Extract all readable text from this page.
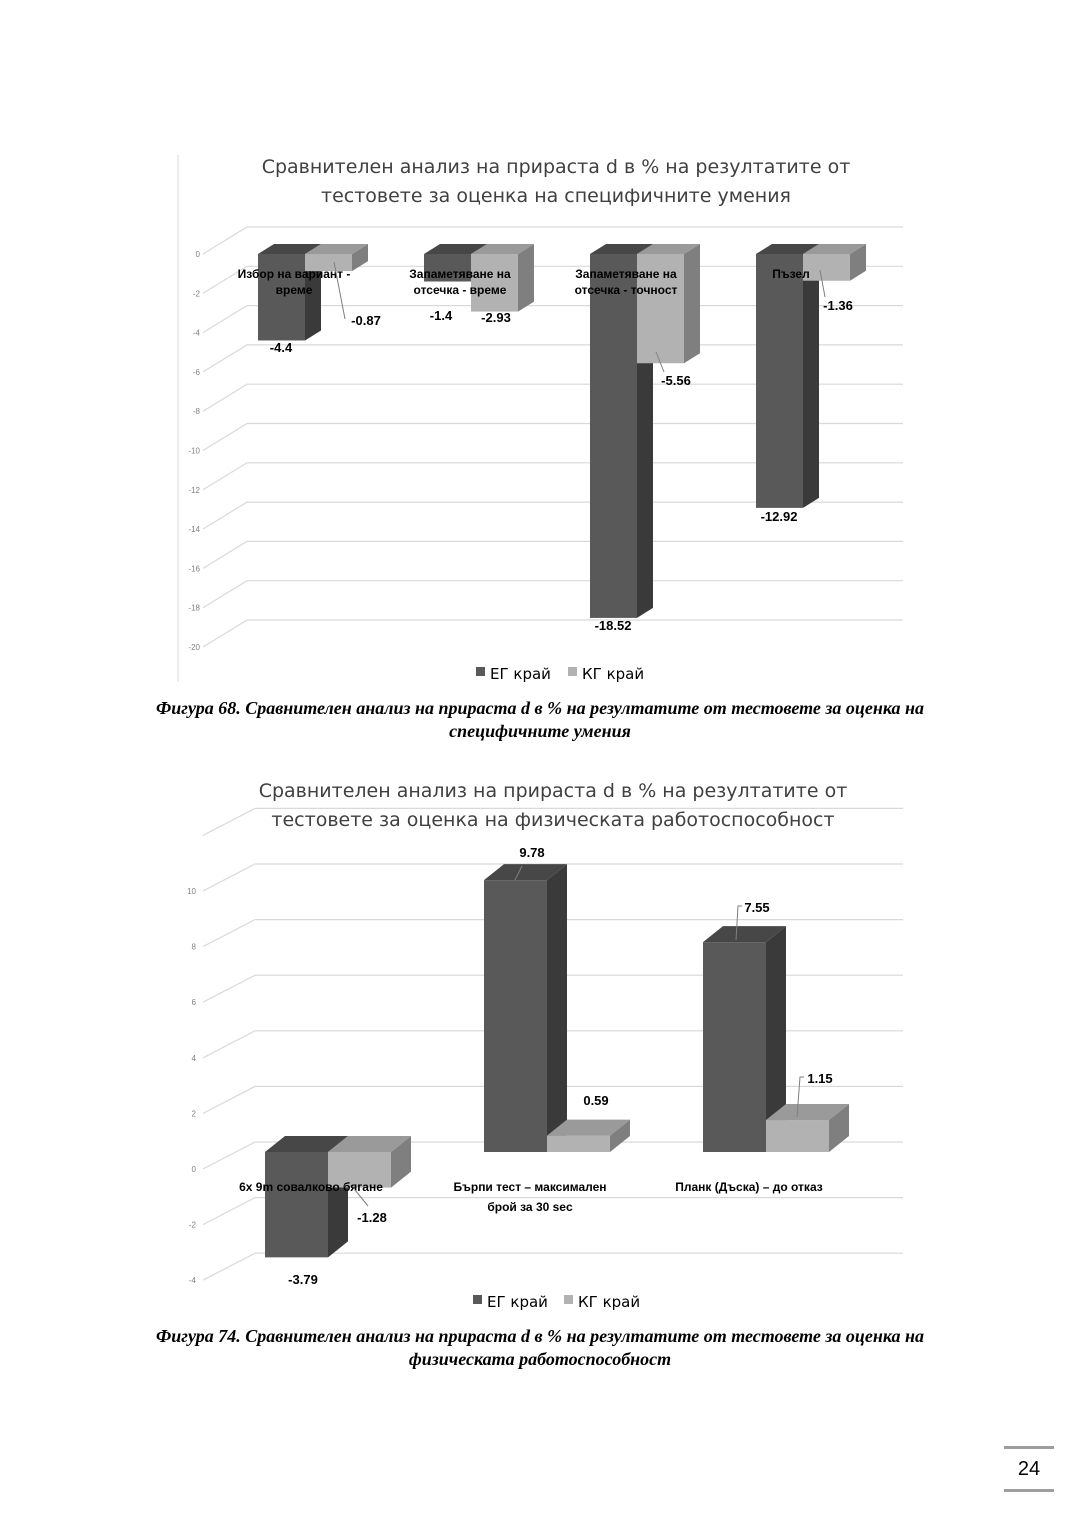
Сравнителен анализ на прираста d в % на резултатите от
тестовете за оценка на специфичните умения
0
-2
-4
-6
-8
-10
-12
-14
-16
-18
-20
Избор на вариант -
време
Запаметяване на
отсечка - време
Запаметяване на
отсечка - точност
Пъзел
-4.4
-1.4
-18.52
-12.92
-0.87	-2.93
-5.56
-1.36
ЕГ край КГ край

Фигура 68. Сравнителен анализ на прираста d в % на резултатите от тестовете за оценка на специфичните умения

Сравнителен анализ на прираста d в % на резултатите от
тестовете за оценка на физическата работоспособност
10
8
6
4
2
0
-2
-4
6x 9m совалково бягане	Бърпи тест – максимален
брой за 30 sec
Планк (Дъска) – до отказ
-3.79
9.78
7.55
-1.28
0.59
1.15
ЕГ край КГ край

Фигура 74. Сравнителен анализ на прираста d в % на резултатите от тестовете за оценка на физическата работоспособност

24
